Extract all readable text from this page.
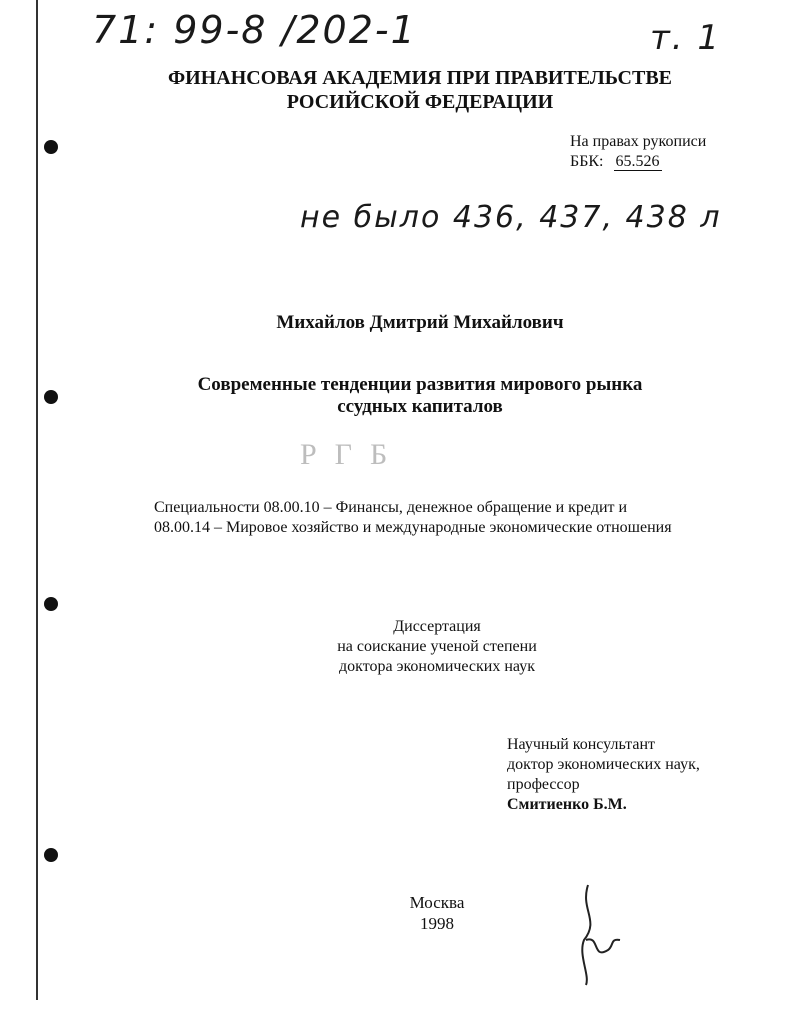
71: 99-8 /202-1	т. 1
ФИНАНСОВАЯ АКАДЕМИЯ ПРИ ПРАВИТЕЛЬСТВЕ
РОСИЙСКОЙ ФЕДЕРАЦИИ
На правах рукописи
ББК: 65.526
не было 436, 437, 438 л
Михайлов Дмитрий Михайлович
Современные тенденции развития мирового рынка
ссудных капиталов
РГБ
Специальности 08.00.10 – Финансы, денежное обращение и кредит и
08.00.14 – Мировое хозяйство и международные экономические отношения
Диссертация
на соискание ученой степени
доктора экономических наук
Научный консультант
доктор экономических наук,
профессор
Смитиенко Б.М.
Москва
1998
